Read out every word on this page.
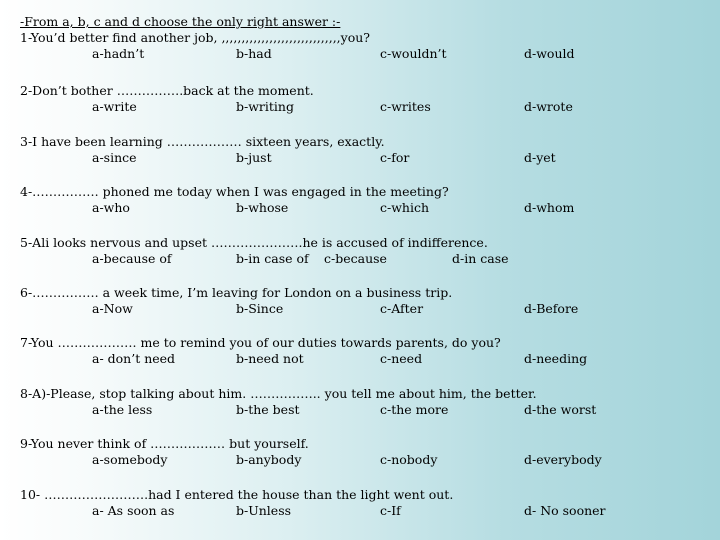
-From a, b, c and d choose the only right answer :-
1-You’d better find another job, ,,,,,,,,,,,,,,,,,,,,,,,,,,,,,,you?
a-hadn’t	b-had	c-wouldn’t	d-would
2-Don’t bother …………….back at the moment.
a-write	b-writing	c-writes	d-wrote
3-I have been learning ……………… sixteen years, exactly.
a-since	b-just	c-for	d-yet
4-……………. phoned me today when I was engaged in the meeting?
a-who	b-whose	c-which	d-whom
5-Ali looks nervous and upset ………………….he is accused of indifference.
a-because of	b-in case of c-because	d-in case
6-……………. a week time, I’m leaving for London on a business trip.
a-Now	b-Since	c-After	d-Before
7-You ………………. me to remind you of our duties towards parents, do you?
a- don’t need	b-need not	c-need	d-needing
8-A)-Please, stop talking about him. …………….. you tell me about him, the better.
a-the less	b-the best	c-the more	d-the worst
9-You never think of ……………… but yourself.
a-somebody	b-anybody	c-nobody	d-everybody
10- …………………….had I entered the house than the light went out.
a- As soon as	b-Unless	c-If	d- No sooner
